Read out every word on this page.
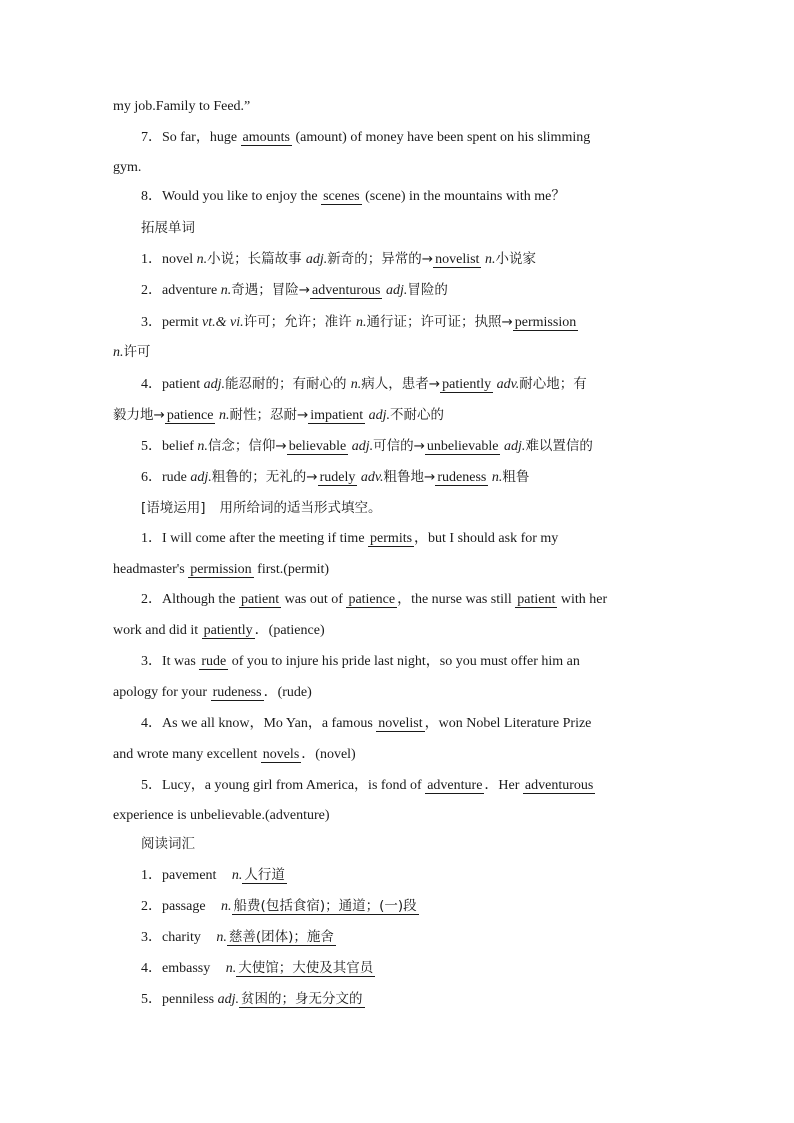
my job.Family to Feed.”
7．So far，huge amounts (amount) of money have been spent on his slimming
gym.
8．Would you like to enjoy the scenes (scene) in the mountains with me？
拓展单词
1．novel n.小说；长篇故事 adj.新奇的；异常的→ novelist n.小说家
2．adventure n.奇遇；冒险→ adventurous adj.冒险的
3．permit vt.& vi.许可；允许；准许 n.通行证；许可证；执照→ permission
n.许可
4．patient adj.能忍耐的；有耐心的 n.病人，患者→ patiently adv.耐心地；有
毅力地→ patience n.耐性；忍耐→ impatient adj.不耐心的
5．belief n.信念；信仰→ believable adj.可信的→ unbelievable adj.难以置信的
6．rude adj.粗鲁的；无礼的→ rudely adv.粗鲁地→ rudeness n.粗鲁
[语境运用] 用所给词的适当形式填空。
1．I will come after the meeting if time permits ，but I should ask for my
headmaster's permission first.(permit)
2．Although the patient was out of patience ，the nurse was still patient with her
work and did it patiently ．(patience)
3．It was rude of you to injure his pride last night，so you must offer him an
apology for your rudeness ．(rude)
4．As we all know，Mo Yan，a famous novelist ，won Nobel Literature Prize
and wrote many excellent novels ．(novel)
5．Lucy，a young girl from America，is fond of adventure ．Her adventurous
experience is unbelievable.(adventure)
阅读词汇
1．pavement n. 人行道
2．passage n. 船费(包括食宿)；通道；(一)段
3．charity n. 慈善(团体)；施舍
4．embassy n. 大使馆；大使及其官员
5．penniless adj. 贫困的；身无分文的
